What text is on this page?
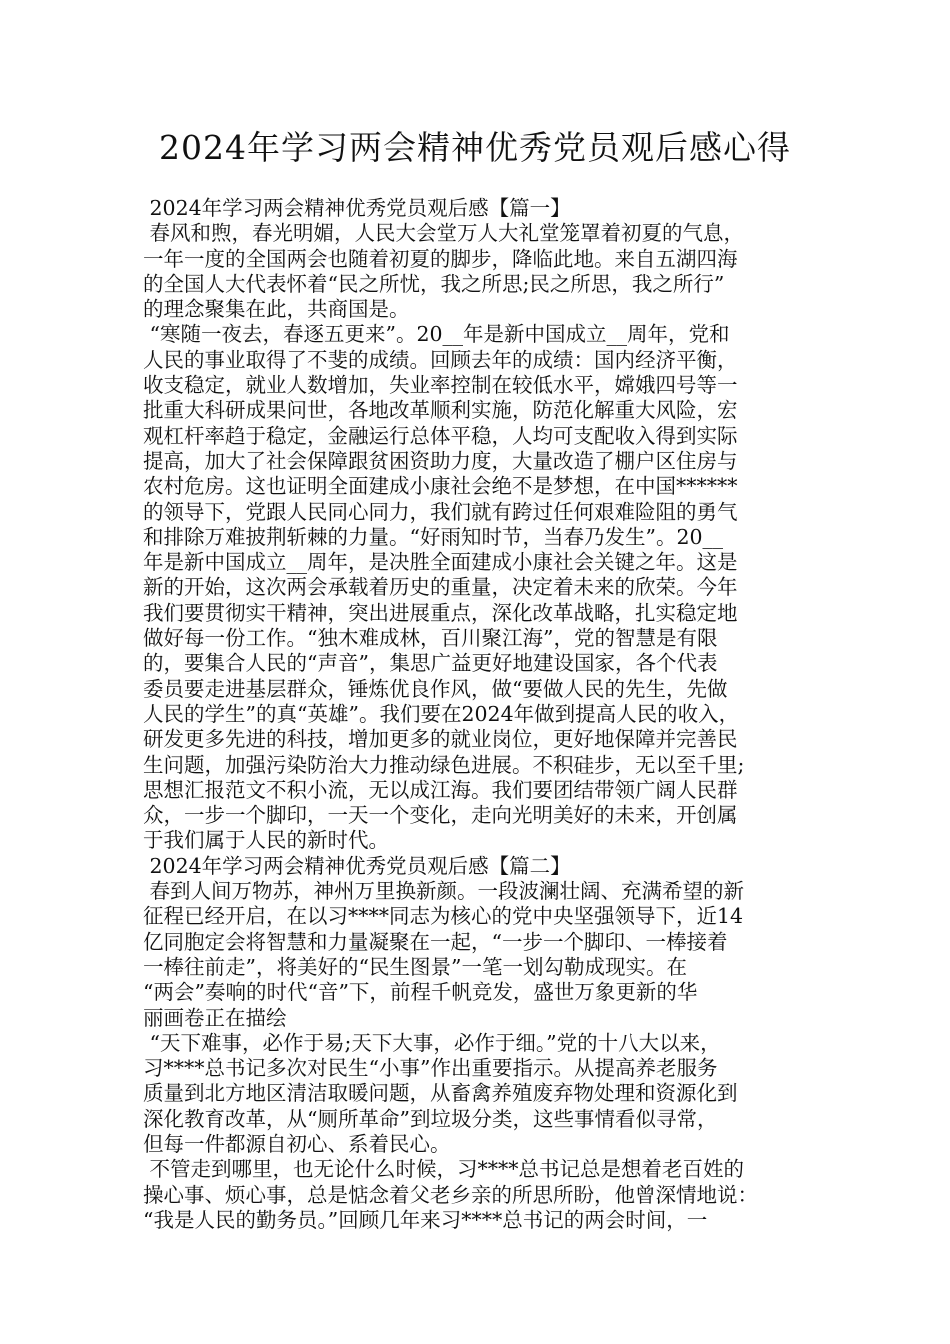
2024年学习两会精神优秀党员观后感心得
2024年学习两会精神优秀党员观后感【篇一】
春风和煦，春光明媚，人民大会堂万人大礼堂笼罩着初夏的气息，
一年一度的全国两会也随着初夏的脚步，降临此地。来自五湖四海
的全国人大代表怀着“民之所忧，我之所思;民之所思，我之所行”
的理念聚集在此，共商国是。
“寒随一夜去，春逐五更来”。20__年是新中国成立__周年，党和
人民的事业取得了不斐的成绩。回顾去年的成绩：国内经济平衡，
收支稳定，就业人数增加，失业率控制在较低水平，嫦娥四号等一
批重大科研成果问世，各地改革顺利实施，防范化解重大风险，宏
观杠杆率趋于稳定，金融运行总体平稳，人均可支配收入得到实际
提高，加大了社会保障跟贫困资助力度，大量改造了棚户区住房与
农村危房。这也证明全面建成小康社会绝不是梦想，在中国******
的领导下，党跟人民同心同力，我们就有跨过任何艰难险阻的勇气
和排除万难披荆斩棘的力量。“好雨知时节，当春乃发生”。20__
年是新中国成立__周年，是决胜全面建成小康社会关键之年。这是
新的开始，这次两会承载着历史的重量，决定着未来的欣荣。今年
我们要贯彻实干精神，突出进展重点，深化改革战略，扎实稳定地
做好每一份工作。“独木难成林，百川聚江海”，党的智慧是有限
的，要集合人民的“声音”，集思广益更好地建设国家，各个代表
委员要走进基层群众，锤炼优良作风，做“要做人民的先生，先做
人民的学生”的真“英雄”。我们要在2024年做到提高人民的收入，
研发更多先进的科技，增加更多的就业岗位，更好地保障并完善民
生问题，加强污染防治大力推动绿色进展。不积硅步，无以至千里;
思想汇报范文不积小流，无以成江海。我们要团结带领广阔人民群
众，一步一个脚印，一天一个变化，走向光明美好的未来，开创属
于我们属于人民的新时代。
2024年学习两会精神优秀党员观后感【篇二】
春到人间万物苏，神州万里换新颜。一段波澜壮阔、充满希望的新
征程已经开启，在以习****同志为核心的党中央坚强领导下，近14
亿同胞定会将智慧和力量凝聚在一起，“一步一个脚印、一棒接着
一棒往前走”，将美好的“民生图景”一笔一划勾勒成现实。在
“两会”奏响的时代“音”下，前程千帆竞发，盛世万象更新的华
丽画卷正在描绘
“天下难事，必作于易;天下大事，必作于细。”党的十八大以来，
习****总书记多次对民生“小事”作出重要指示。从提高养老服务
质量到北方地区清洁取暖问题，从畜禽养殖废弃物处理和资源化到
深化教育改革，从“厕所革命”到垃圾分类，这些事情看似寻常，
但每一件都源自初心、系着民心。
不管走到哪里，也无论什么时候，习****总书记总是想着老百姓的
操心事、烦心事，总是惦念着父老乡亲的所思所盼，他曾深情地说：
“我是人民的勤务员。”回顾几年来习****总书记的两会时间，一
